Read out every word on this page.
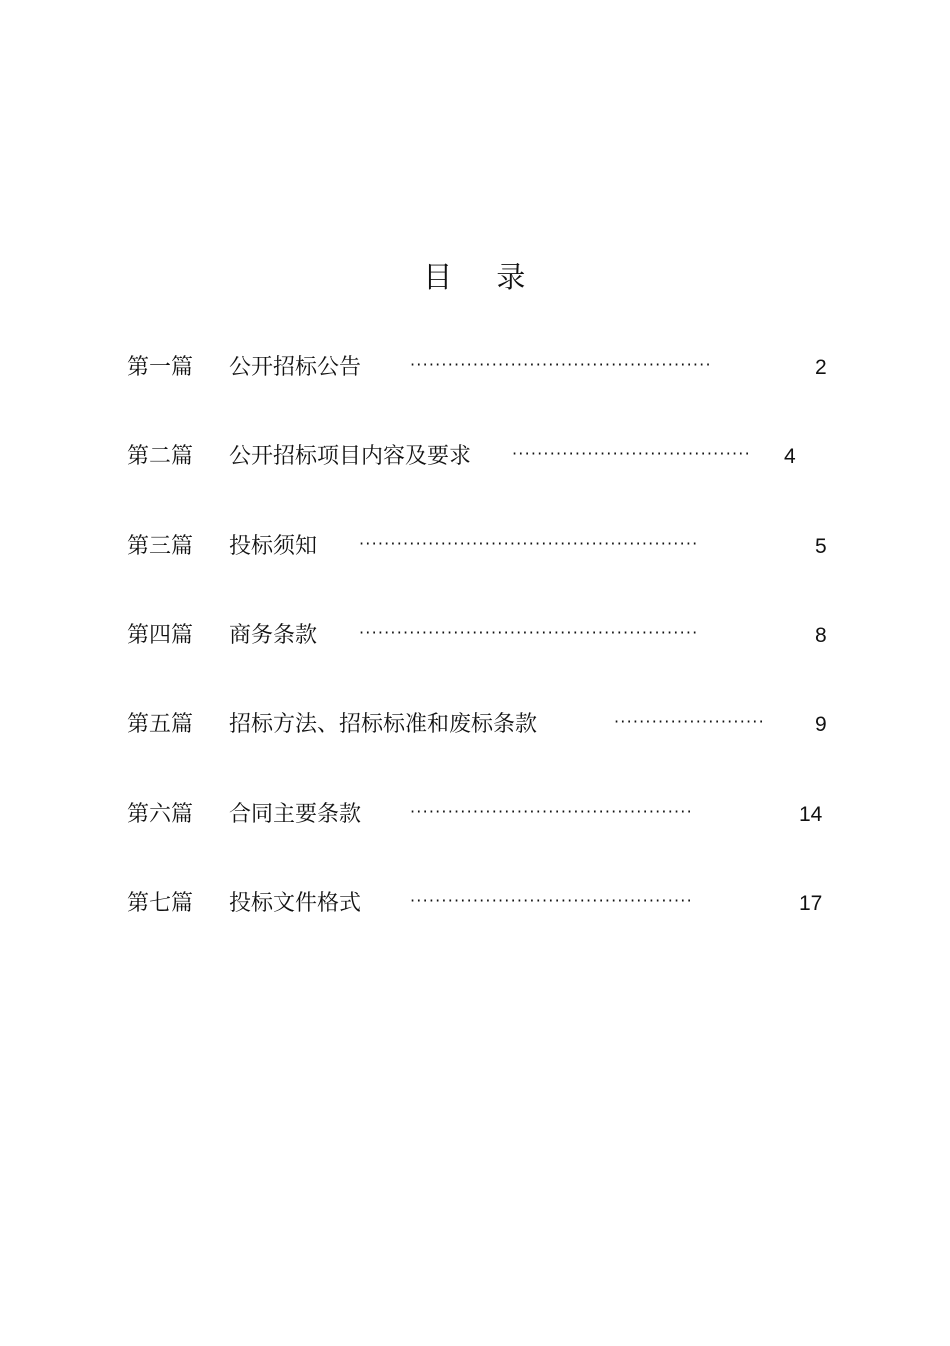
目    录
第一篇 公开招标公告	················································	2
第二篇 公开招标项目内容及要求	······································ 4
第三篇 投标须知	······················································	5
第四篇 商务条款	······················································	8
第五篇 招标方法、招标标准和废标条款	························ 9
第六篇 合同主要条款	·············································	14
第七篇 投标文件格式	·············································	17
